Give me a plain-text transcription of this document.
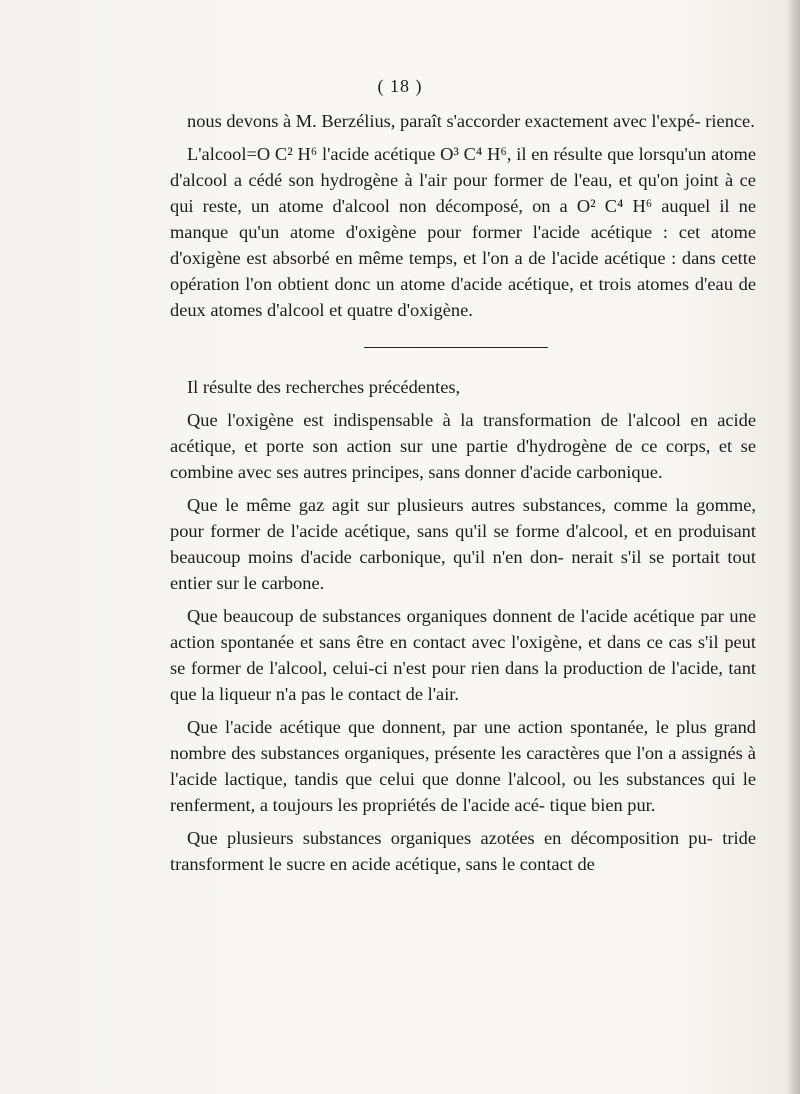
( 18 )

nous devons à M. Berzélius, paraît s'accorder exactement avec l'expé- rience.

L'alcool=O C² H⁶ l'acide acétique O³ C⁴ H⁶, il en résulte que lorsqu'un atome d'alcool a cédé son hydrogène à l'air pour former de l'eau, et qu'on joint à ce qui reste, un atome d'alcool non décomposé, on a O² C⁴ H⁶ auquel il ne manque qu'un atome d'oxigène pour former l'acide acétique : cet atome d'oxigène est absorbé en même temps, et l'on a de l'acide acétique : dans cette opération l'on obtient donc un atome d'acide acétique, et trois atomes d'eau de deux atomes d'alcool et quatre d'oxigène.

Il résulte des recherches précédentes,

Que l'oxigène est indispensable à la transformation de l'alcool en acide acétique, et porte son action sur une partie d'hydrogène de ce corps, et se combine avec ses autres principes, sans donner d'acide carbonique.

Que le même gaz agit sur plusieurs autres substances, comme la gomme, pour former de l'acide acétique, sans qu'il se forme d'alcool, et en produisant beaucoup moins d'acide carbonique, qu'il n'en don- nerait s'il se portait tout entier sur le carbone.

Que beaucoup de substances organiques donnent de l'acide acétique par une action spontanée et sans être en contact avec l'oxigène, et dans ce cas s'il peut se former de l'alcool, celui-ci n'est pour rien dans la production de l'acide, tant que la liqueur n'a pas le contact de l'air.

Que l'acide acétique que donnent, par une action spontanée, le plus grand nombre des substances organiques, présente les caractères que l'on a assignés à l'acide lactique, tandis que celui que donne l'alcool, ou les substances qui le renferment, a toujours les propriétés de l'acide acé- tique bien pur.

Que plusieurs substances organiques azotées en décomposition pu- tride transforment le sucre en acide acétique, sans le contact de
